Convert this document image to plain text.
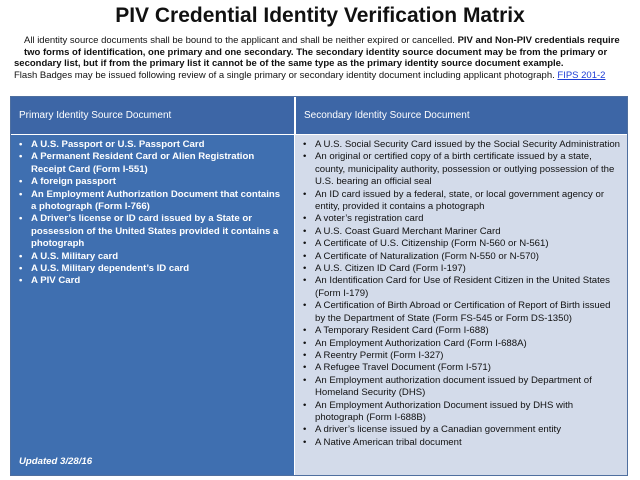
PIV Credential Identity Verification Matrix

All identity source documents shall be bound to the applicant and shall be neither expired or cancelled. PIV and Non-PIV credentials require

two forms of identification, one primary and one secondary. The secondary identity source document may be from the primary or

secondary list, but if from the primary list it cannot be of the same type as the primary identity source document example.

Flash Badges may be issued following review of a single primary or secondary identity document including applicant photograph. FIPS 201-2

Primary Identity Source Document
• A U.S. Passport or U.S. Passport Card
• A Permanent Resident Card or Alien Registration Receipt Card (Form I-551)
• A foreign passport
• An Employment Authorization Document that contains a photograph (Form I-766)
• A Driver’s license or ID card issued by a State or possession of the United States provided it contains a photograph
• A U.S. Military card
• A U.S. Military dependent’s ID card
• A PIV Card
Updated 3/28/16
Secondary Identity Source Document
• A U.S. Social Security Card issued by the Social Security Administration
• An original or certified copy of a birth certificate issued by a state, county, municipality authority, possession or outlying possession of the U.S. bearing an official seal
• An ID card issued by a federal, state, or local government agency or entity, provided it contains a photograph
• A voter’s registration card
• A U.S. Coast Guard Merchant Mariner Card
• A Certificate of U.S. Citizenship (Form N-560 or N-561)
• A Certificate of Naturalization (Form N-550 or N-570)
• A U.S. Citizen ID Card (Form I-197)
• An Identification Card for Use of Resident Citizen in the United States (Form I-179)
• A Certification of Birth Abroad or Certification of Report of Birth issued by the Department of State (Form FS-545 or Form DS-1350)
• A Temporary Resident Card (Form I-688)
• An Employment Authorization Card (Form I-688A)
• A Reentry Permit (Form I-327)
• A Refugee Travel Document (Form I-571)
• An Employment authorization document issued by Department of Homeland Security (DHS)
• An Employment Authorization Document issued by DHS with photograph (Form I-688B)
• A driver’s license issued by a Canadian government entity
• A Native American tribal document
